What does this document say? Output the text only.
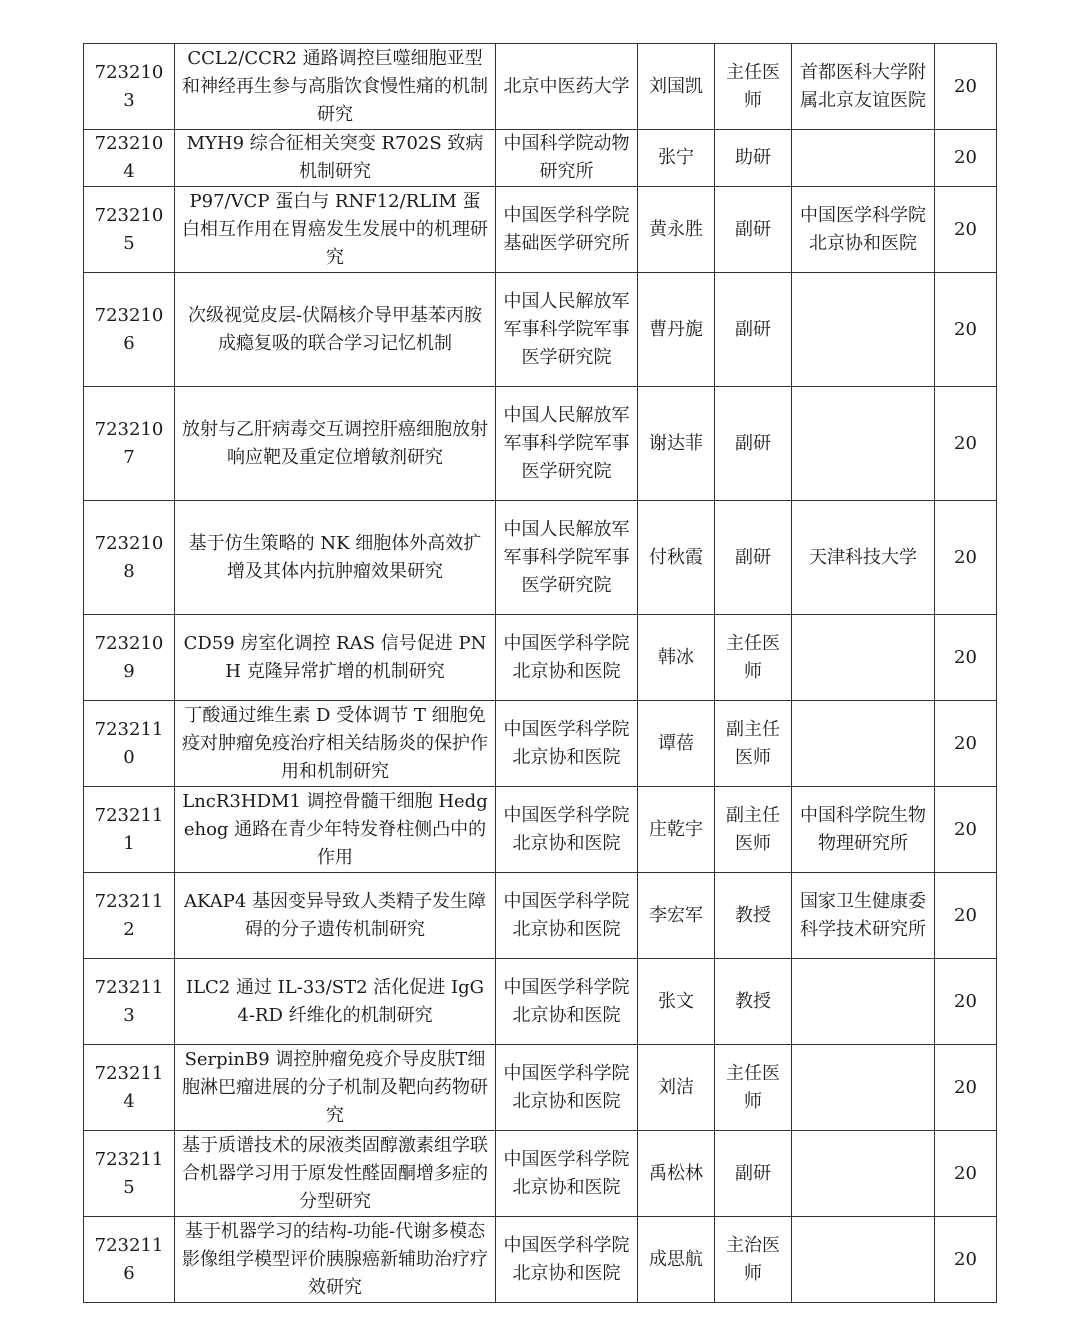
7232103	CCL2/CCR2 通路调控巨噬细胞亚型和神经再生参与高脂饮食慢性痛的机制研究	北京中医药大学	刘国凯	主任医师	首都医科大学附属北京友谊医院	20

7232104	MYH9 综合征相关突变 R702S 致病机制研究	中国科学院动物研究所	张宁	助研		20

7232105	P97/VCP 蛋白与 RNF12/RLIM 蛋白相互作用在胃癌发生发展中的机理研究	中国医学科学院基础医学研究所	黄永胜	副研	中国医学科学院北京协和医院	20

7232106	次级视觉皮层-伏隔核介导甲基苯丙胺成瘾复吸的联合学习记忆机制	中国人民解放军军事科学院军事医学研究院	曹丹旎	副研		20

7232107	放射与乙肝病毒交互调控肝癌细胞放射响应靶及重定位增敏剂研究	中国人民解放军军事科学院军事医学研究院	谢达菲	副研		20

7232108	基于仿生策略的 NK 细胞体外高效扩增及其体内抗肿瘤效果研究	中国人民解放军军事科学院军事医学研究院	付秋霞	副研	天津科技大学	20

7232109	CD59 房室化调控 RAS 信号促进 PNH 克隆异常扩增的机制研究	中国医学科学院北京协和医院	韩冰	主任医师		20

7232110	丁酸通过维生素 D 受体调节 T 细胞免疫对肿瘤免疫治疗相关结肠炎的保护作用和机制研究	中国医学科学院北京协和医院	谭蓓	副主任医师		20

7232111	LncR3HDM1 调控骨髓干细胞 Hedgehog 通路在青少年特发脊柱侧凸中的作用	中国医学科学院北京协和医院	庄乾宇	副主任医师	中国科学院生物物理研究所	20

7232112	AKAP4 基因变异导致人类精子发生障碍的分子遗传机制研究	中国医学科学院北京协和医院	李宏军	教授	国家卫生健康委科学技术研究所	20

7232113	ILC2 通过 IL-33/ST2 活化促进 IgG4-RD 纤维化的机制研究	中国医学科学院北京协和医院	张文	教授		20

7232114	SerpinB9 调控肿瘤免疫介导皮肤T细胞淋巴瘤进展的分子机制及靶向药物研究	中国医学科学院北京协和医院	刘洁	主任医师		20

7232115	基于质谱技术的尿液类固醇激素组学联合机器学习用于原发性醛固酮增多症的分型研究	中国医学科学院北京协和医院	禹松林	副研		20

7232116	基于机器学习的结构-功能-代谢多模态影像组学模型评价胰腺癌新辅助治疗疗效研究	中国医学科学院北京协和医院	成思航	主治医师		20
